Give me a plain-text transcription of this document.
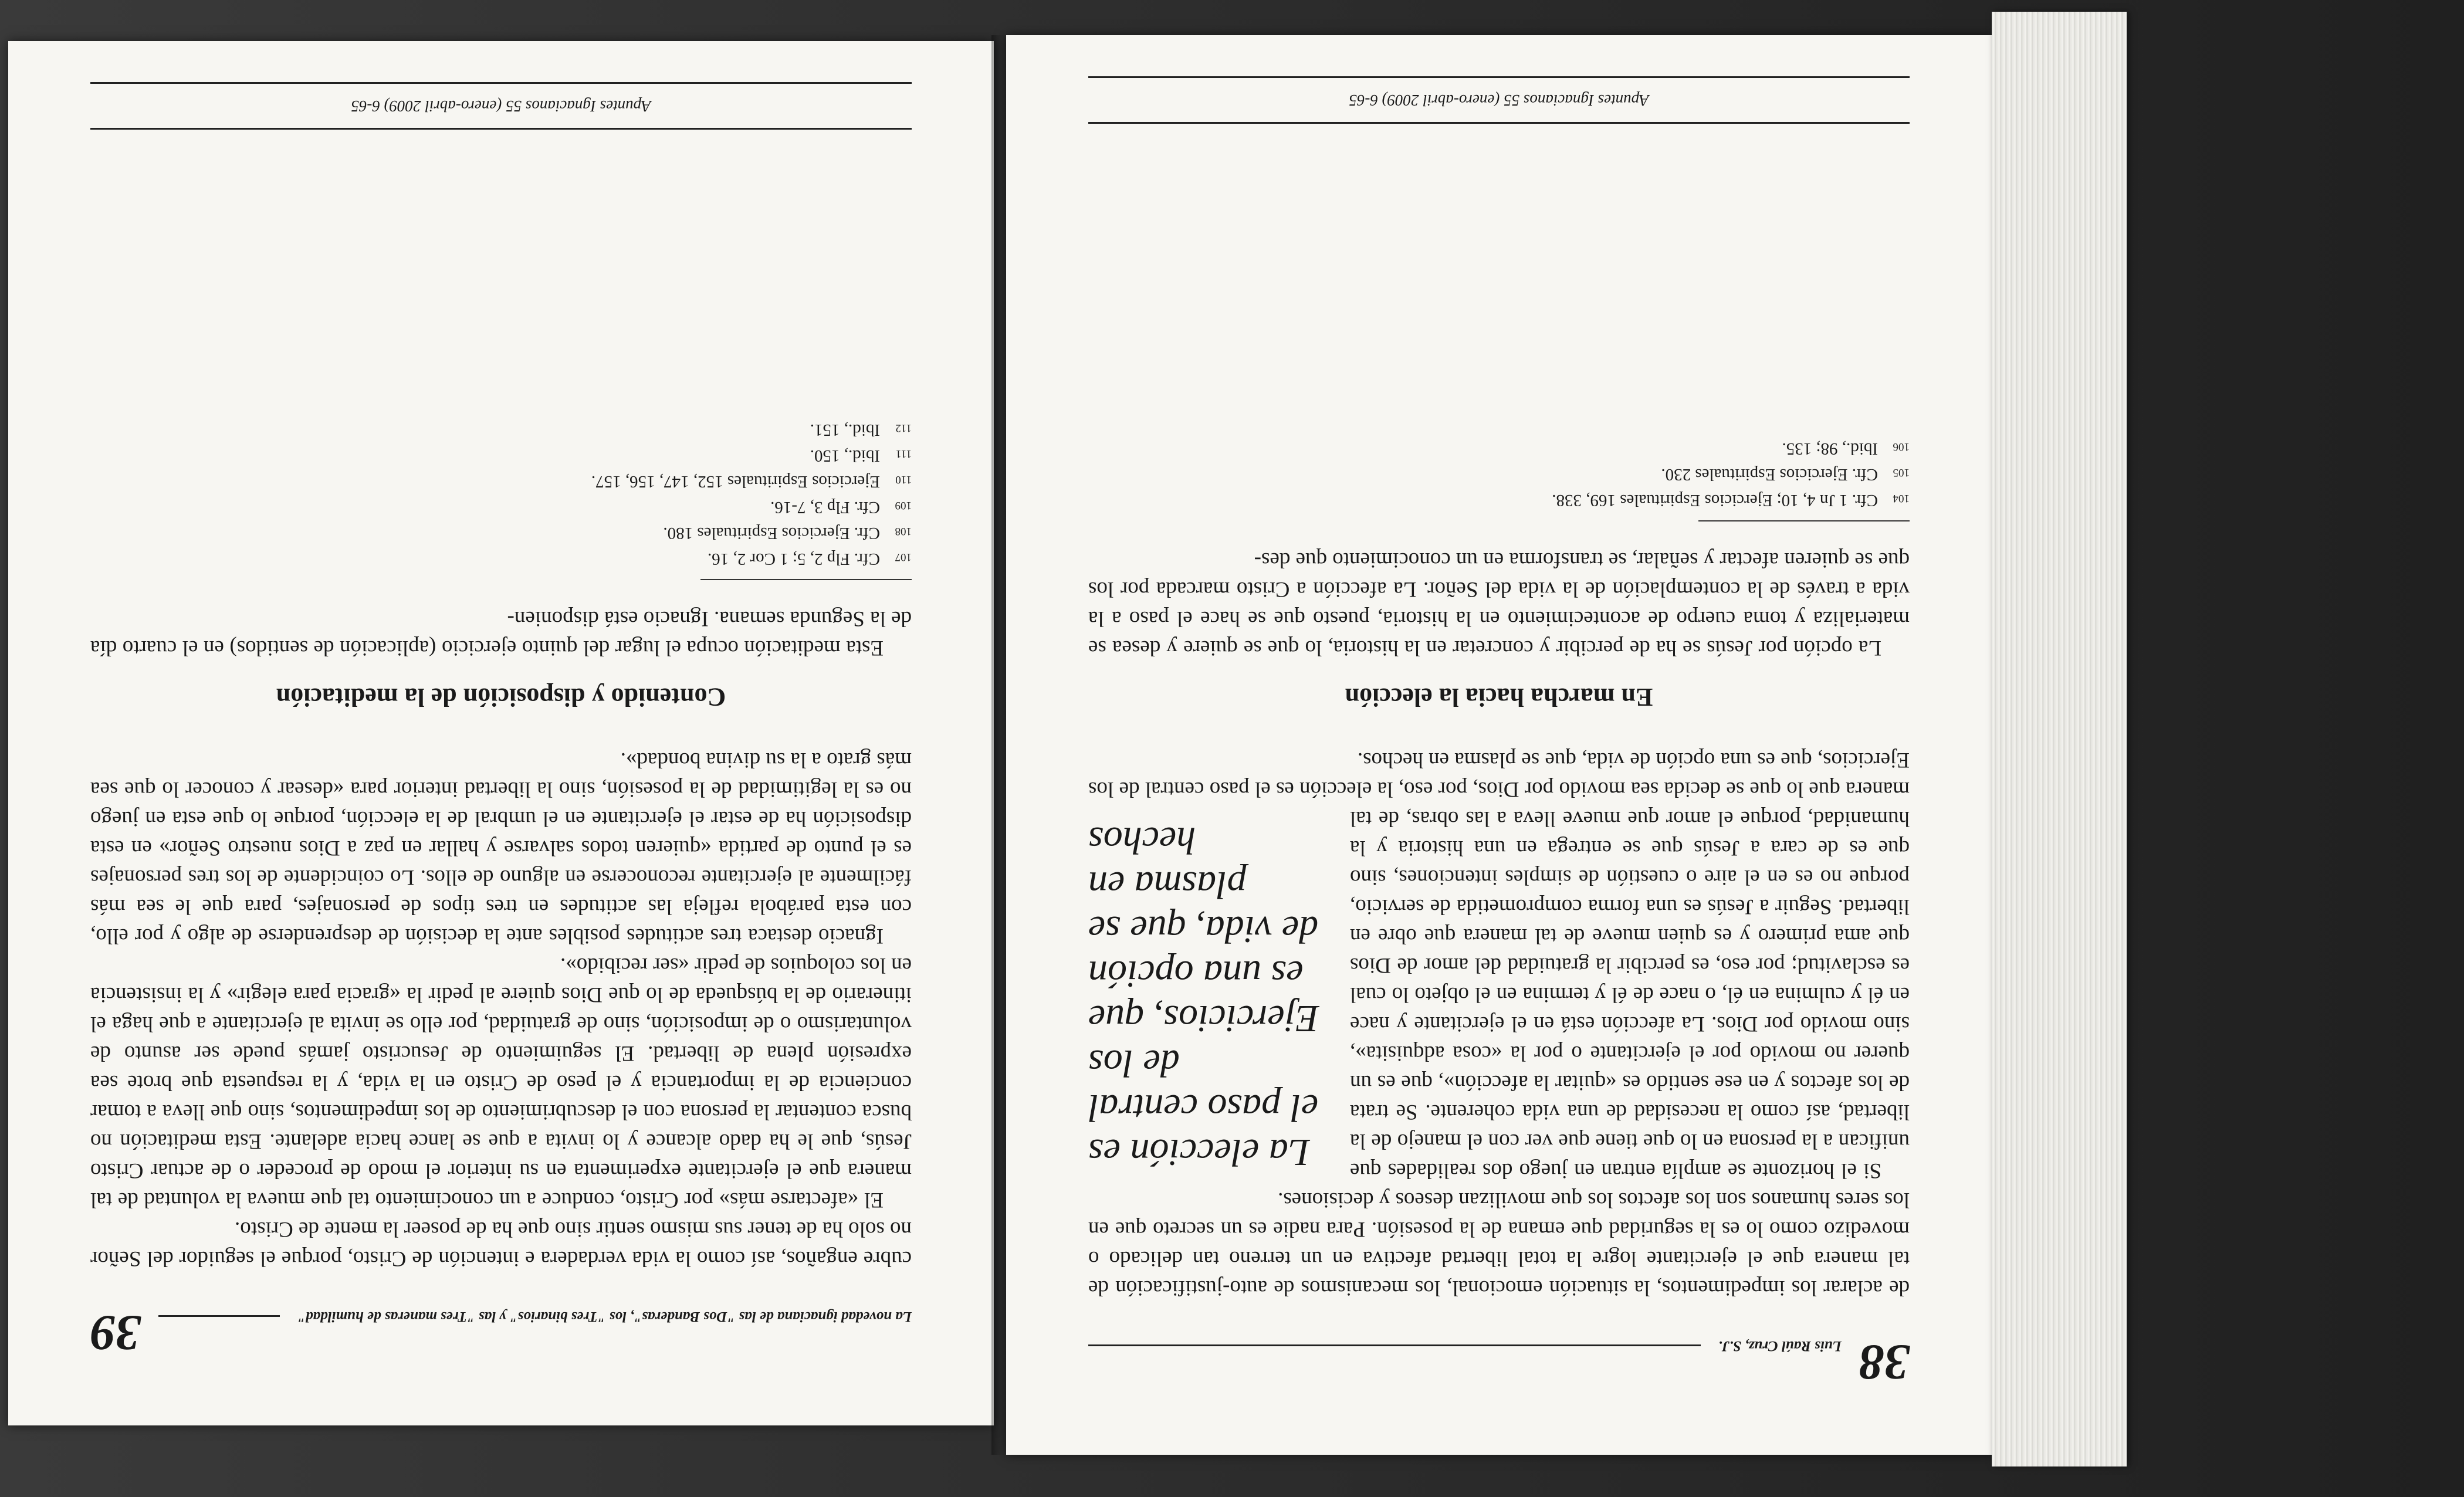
La novedad ignaciana de las "Dos Banderas", los "Tres binarios" y las "Tres maneras de humildad"
39

cubre engaños, así como la vida verdadera e intención de Cristo, porque el seguidor del Señor no solo ha de tener sus mismo sentir sino que ha de poseer la mente de Cristo.

El «afectarse más» por Cristo, conduce a un conocimiento tal que mueva la voluntad de tal manera que el ejercitante experimenta en su interior el modo de proceder o de actuar Cristo Jesús, que le ha dado alcance y lo invita a que se lance hacia adelante. Esta meditación no busca contentar la persona con el descubrimiento de los impedimentos, sino que lleva a tomar conciencia de la importancia y el peso de Cristo en la vida, y la respuesta que brote sea expresión plena de libertad. El seguimiento de Jesucristo jamás puede ser asunto de voluntarismo o de imposición, sino de gratuidad, por ello se invita al ejercitante a que haga el itinerario de la búsqueda de lo que Dios quiere al pedir la «gracia para elegir» y la insistencia en los coloquios de pedir «ser recibido».

Ignacio destaca tres actitudes posibles ante la decisión de desprenderse de algo y por ello, con esta parábola refleja las actitudes en tres tipos de personajes, para que le sea más fácilmente al ejercitante reconocerse en alguno de ellos. Lo coincidente de los tres personajes es el punto de partida «quieren todos salvarse y hallar en paz a Dios nuestro Señor» en esta disposición ha de estar el ejercitante en el umbral de la elección, porque lo que esta en juego no es la legitimidad de la posesión, sino la libertad interior para «desear y conocer lo que sea más grato a la su divina bondad».

Contenido y disposición de la meditación

Esta meditación ocupa el lugar del quinto ejercicio (aplicación de sentidos) en el cuarto día de la Segunda semana. Ignacio está disponien-

107Cfr. Flp 2, 5; 1 Cor 2, 16.

108Cfr. Ejercicios Espirituales 180.

109Cfr. Flp 3, 7-16.

110Ejercicios Espirituales 152, 147, 156, 157.

111Ibid., 150.

112Ibid., 151.

Apuntes Ignacianos 55 (enero-abril 2009) 6-65
38
Luis Raúl Cruz, S.J.

de aclarar los impedimentos, la situación emocional, los mecanismos de auto-justificación de tal manera que el ejercitante logre la total libertad afectiva en un terreno tan delicado o movedizo como lo es la seguridad que emana de la posesión. Para nadie es un secreto que en los seres humanos son los afectos los que movilizan deseos y decisiones.

La elección es el paso central de los Ejercicios, que es una opción de vida, que se plasma en hechos

Si el horizonte se amplía entran en juego dos realidades que unifican a la persona en lo que tiene que ver con el manejo de la libertad, así como la necesidad de una vida coherente. Se trata de los afectos y en ese sentido es «quitar la afección», que es un querer no movido por el ejercitante o por la «cosa adquisita», sino movido por Dios. La afección está en el ejercitante y nace en él y culmina en él, o nace de él y termina en el objeto lo cual es esclavitud; por eso, es percibir la gratuidad del amor de Dios que ama primero y es quien mueve de tal manera que obre en libertad. Seguir a Jesús es una forma comprometida de servicio, porque no es en el aire o cuestión de simples intenciones, sino que es de cara a Jesús que se entrega en una historia y la humanidad, porque el amor que mueve lleva a las obras, de tal manera que lo que se decida sea movido por Dios, por eso, la elección es el paso central de los Ejercicios, que es una opción de vida, que se plasma en hechos.

En marcha hacia la elección

La opción por Jesús se ha de percibir y concretar en la historia, lo que se quiere y desea se materializa y toma cuerpo de acontecimiento en la historia, puesto que se hace el paso a la vida a través de la contemplación de la vida del Señor. La afección a Cristo marcada por los que se quieren afectar y señalar, se transforma en un conocimiento que des-

104Cfr. 1 Jn 4, 10; Ejercicios Espirituales 169, 338.

105Cfr. Ejercicios Espirituales 230.

106Ibid., 98; 135.

Apuntes Ignacianos 55 (enero-abril 2009) 6-65
